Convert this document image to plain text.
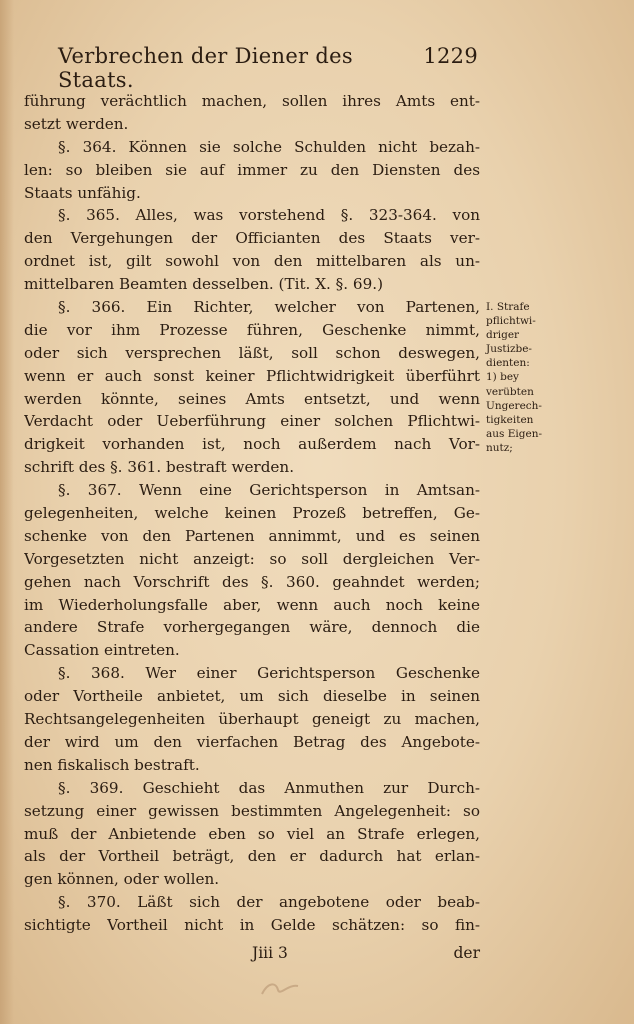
Verbrechen der Diener des Staats.
1229
führung verächtlich machen, sollen ihres Amts ent-
setzt werden.
§. 364. Können sie solche Schulden nicht bezah-
len: so bleiben sie auf immer zu den Diensten des
Staats unfähig.
§. 365. Alles, was vorstehend §. 323-364. von
den Vergehungen der Officianten des Staats ver-
ordnet ist, gilt sowohl von den mittelbaren als un-
mittelbaren Beamten desselben. (Tit. X. §. 69.)
§. 366. Ein Richter, welcher von Partenen,
die vor ihm Prozesse führen, Geschenke nimmt,
oder sich versprechen läßt, soll schon deswegen,
wenn er auch sonst keiner Pflichtwidrigkeit überführt
werden könnte, seines Amts entsetzt, und wenn
Verdacht oder Ueberführung einer solchen Pflichtwi-
drigkeit vorhanden ist, noch außerdem nach Vor-
schrift des §. 361. bestraft werden.
§. 367. Wenn eine Gerichtsperson in Amtsan-
gelegenheiten, welche keinen Prozeß betreffen, Ge-
schenke von den Partenen annimmt, und es seinen
Vorgesetzten nicht anzeigt: so soll dergleichen Ver-
gehen nach Vorschrift des §. 360. geahndet werden;
im Wiederholungsfalle aber, wenn auch noch keine
andere Strafe vorhergegangen wäre, dennoch die
Cassation eintreten.
§. 368. Wer einer Gerichtsperson Geschenke
oder Vortheile anbietet, um sich dieselbe in seinen
Rechtsangelegenheiten überhaupt geneigt zu machen,
der wird um den vierfachen Betrag des Angebote-
nen fiskalisch bestraft.
§. 369. Geschieht das Anmuthen zur Durch-
setzung einer gewissen bestimmten Angelegenheit: so
muß der Anbietende eben so viel an Strafe erlegen,
als der Vortheil beträgt, den er dadurch hat erlan-
gen können, oder wollen.
§. 370. Läßt sich der angebotene oder beab-
sichtigte Vortheil nicht in Gelde schätzen: so fin-
I. Strafe
pflichtwi-
driger
Justizbe-
dienten:
1) bey
verübten
Ungerech-
tigkeiten
aus Eigen-
nutz;
Jiii 3	der
